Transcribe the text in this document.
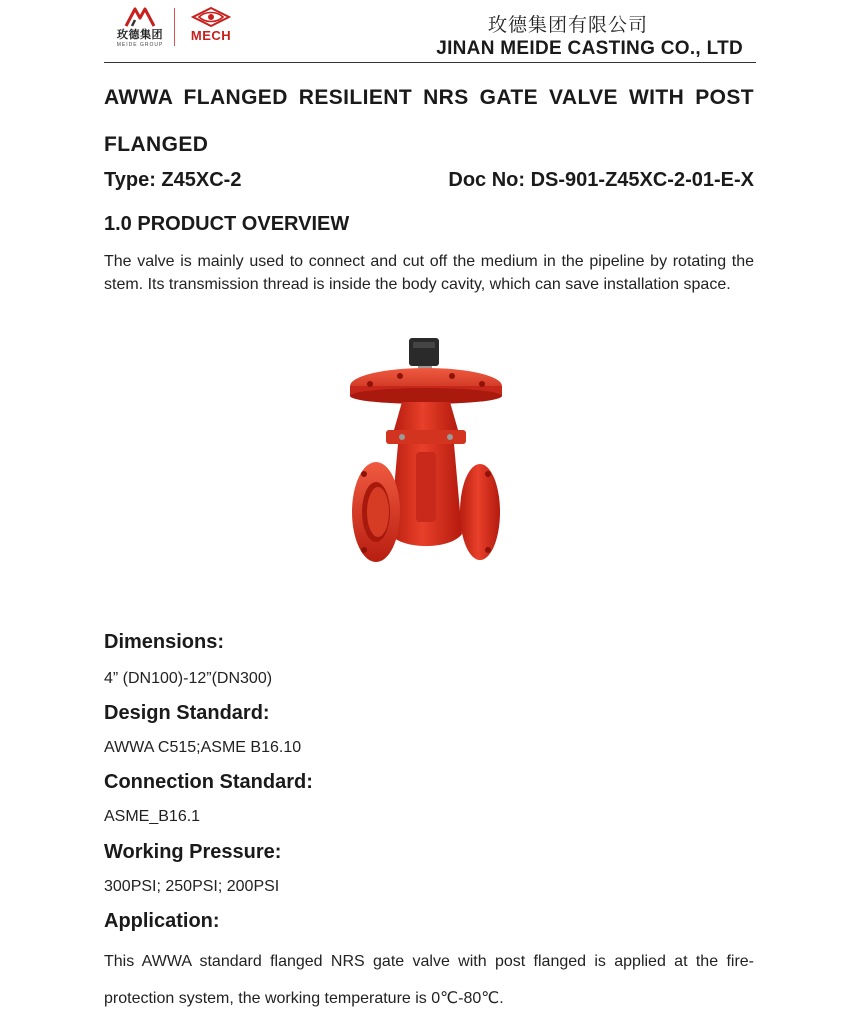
玫德集团
MEIDE GROUP
MECH	玫德集团有限公司
JINAN MEIDE CASTING CO., LTD
AWWA FLANGED RESILIENT NRS GATE VALVE WITH POST FLANGED
Type: Z45XC-2	Doc No: DS-901-Z45XC-2-01-E-X
1.0 PRODUCT OVERVIEW
The valve is mainly used to connect and cut off the medium in the pipeline by rotating the stem. Its transmission thread is inside the body cavity, which can save installation space.
Dimensions:
4” (DN100)-12”(DN300)
Design Standard:
AWWA C515;ASME B16.10
Connection Standard:
ASME_B16.1
Working Pressure:
300PSI; 250PSI; 200PSI
Application:
This AWWA standard flanged NRS gate valve with post flanged is applied at the fire-protection system, the working temperature is 0℃-80℃.
